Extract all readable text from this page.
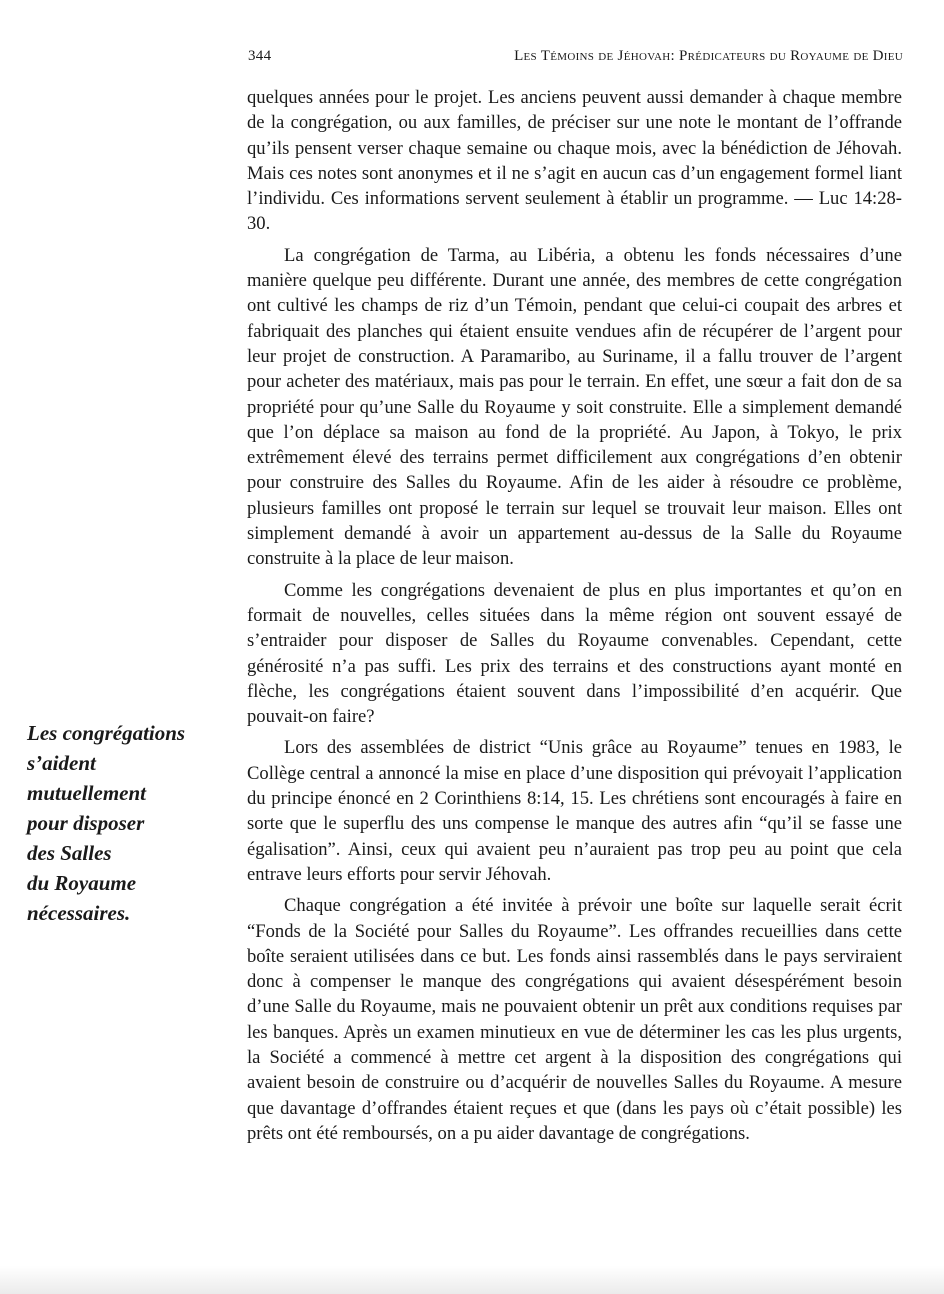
344	Les Témoins de Jéhovah: Prédicateurs du Royaume de Dieu

quelques années pour le projet. Les anciens peuvent aussi demander à chaque membre de la congrégation, ou aux familles, de préciser sur une note le montant de l’offrande qu’ils pensent verser chaque semaine ou chaque mois, avec la bénédiction de Jéhovah. Mais ces notes sont anonymes et il ne s’agit en aucun cas d’un engagement formel liant l’individu. Ces informations servent seulement à établir un programme. — Luc 14:28-30.

La congrégation de Tarma, au Libéria, a obtenu les fonds nécessaires d’une manière quelque peu différente. Durant une année, des membres de cette congrégation ont cultivé les champs de riz d’un Témoin, pendant que celui-ci coupait des arbres et fabriquait des planches qui étaient ensuite vendues afin de récupérer de l’argent pour leur projet de construction. A Paramaribo, au Suriname, il a fallu trouver de l’argent pour acheter des matériaux, mais pas pour le terrain. En effet, une sœur a fait don de sa propriété pour qu’une Salle du Royaume y soit construite. Elle a simplement demandé que l’on déplace sa maison au fond de la propriété. Au Japon, à Tokyo, le prix extrêmement élevé des terrains permet difficilement aux congrégations d’en obtenir pour construire des Salles du Royaume. Afin de les aider à résoudre ce problème, plusieurs familles ont proposé le terrain sur lequel se trouvait leur maison. Elles ont simplement demandé à avoir un appartement au-dessus de la Salle du Royaume construite à la place de leur maison.

Comme les congrégations devenaient de plus en plus importantes et qu’on en formait de nouvelles, celles situées dans la même région ont souvent essayé de s’entraider pour disposer de Salles du Royaume convenables. Cependant, cette générosité n’a pas suffi. Les prix des terrains et des constructions ayant monté en flèche, les congrégations étaient souvent dans l’impossibilité d’en acquérir. Que pouvait-on faire?

Lors des assemblées de district “Unis grâce au Royaume” tenues en 1983, le Collège central a annoncé la mise en place d’une disposition qui prévoyait l’application du principe énoncé en 2 Corinthiens 8:14, 15. Les chrétiens sont encouragés à faire en sorte que le superflu des uns compense le manque des autres afin “qu’il se fasse une égalisation”. Ainsi, ceux qui avaient peu n’auraient pas trop peu au point que cela entrave leurs efforts pour servir Jéhovah.

Chaque congrégation a été invitée à prévoir une boîte sur laquelle serait écrit “Fonds de la Société pour Salles du Royaume”. Les offrandes recueillies dans cette boîte seraient utilisées dans ce but. Les fonds ainsi rassemblés dans le pays serviraient donc à compenser le manque des congrégations qui avaient désespérément besoin d’une Salle du Royaume, mais ne pouvaient obtenir un prêt aux conditions requises par les banques. Après un examen minutieux en vue de déterminer les cas les plus urgents, la Société a commencé à mettre cet argent à la disposition des congrégations qui avaient besoin de construire ou d’acquérir de nouvelles Salles du Royaume. A mesure que davantage d’offrandes étaient reçues et que (dans les pays où c’était possible) les prêts ont été remboursés, on a pu aider davantage de congrégations.

Les congrégations
s’aident
mutuellement
pour disposer
des Salles
du Royaume
nécessaires.
